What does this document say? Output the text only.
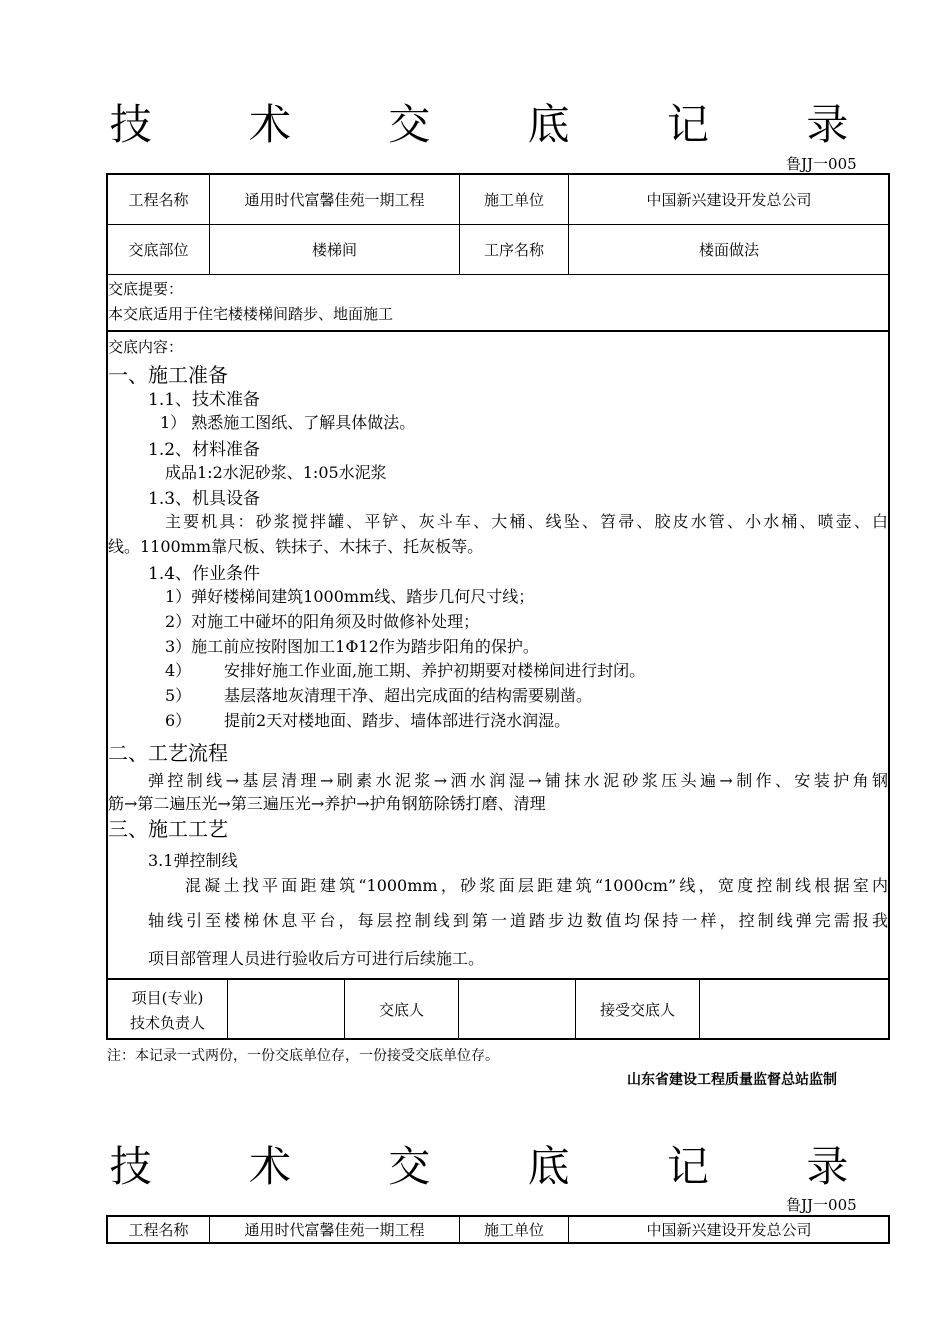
技 术 交 底 记 录
鲁JJ一005
工程名称	通用时代富馨佳苑一期工程	施工单位	中国新兴建设开发总公司
交底部位	楼梯间	工序名称	楼面做法
交底提要：
本交底适用于住宅楼楼梯间踏步、地面施工
交底内容：
一、施工准备
1.1、技术准备
1） 熟悉施工图纸、了解具体做法。
1.2、材料准备
成品1:2水泥砂浆、1:05水泥浆
1.3、机具设备
主要机具：砂浆搅拌罐、平铲、灰斗车、大桶、线坠、笤帚、胶皮水管、小水桶、喷壶、白
线。1100mm靠尺板、铁抹子、木抹子、托灰板等。
1.4、作业条件
1）弹好楼梯间建筑1000mm线、踏步几何尺寸线；
2）对施工中碰坏的阳角须及时做修补处理；
3）施工前应按附图加工1Φ12作为踏步阳角的保护。
4） 安排好施工作业面,施工期、养护初期要对楼梯间进行封闭。
5） 基层落地灰清理干净、超出完成面的结构需要剔凿。
6） 提前2天对楼地面、踏步、墙体部进行浇水润湿。
二、工艺流程
弹控制线→基层清理→刷素水泥浆→洒水润湿→铺抹水泥砂浆压头遍→制作、安装护角钢
筋→第二遍压光→第三遍压光→养护→护角钢筋除锈打磨、清理
三、施工工艺
3.1弹控制线
混凝土找平面距建筑“1000mm，砂浆面层距建筑“1000cm”线，宽度控制线根据室内
轴线引至楼梯休息平台，每层控制线到第一道踏步边数值均保持一样，控制线弹完需报我
项目部管理人员进行验收后方可进行后续施工。
项目(专业)
技术负责人
		交底人		接受交底人	
注：本记录一式两份，一份交底单位存，一份接受交底单位存。
山东省建设工程质量监督总站监制
技 术 交 底 记 录
鲁JJ一005
工程名称	通用时代富馨佳苑一期工程	施工单位	中国新兴建设开发总公司
